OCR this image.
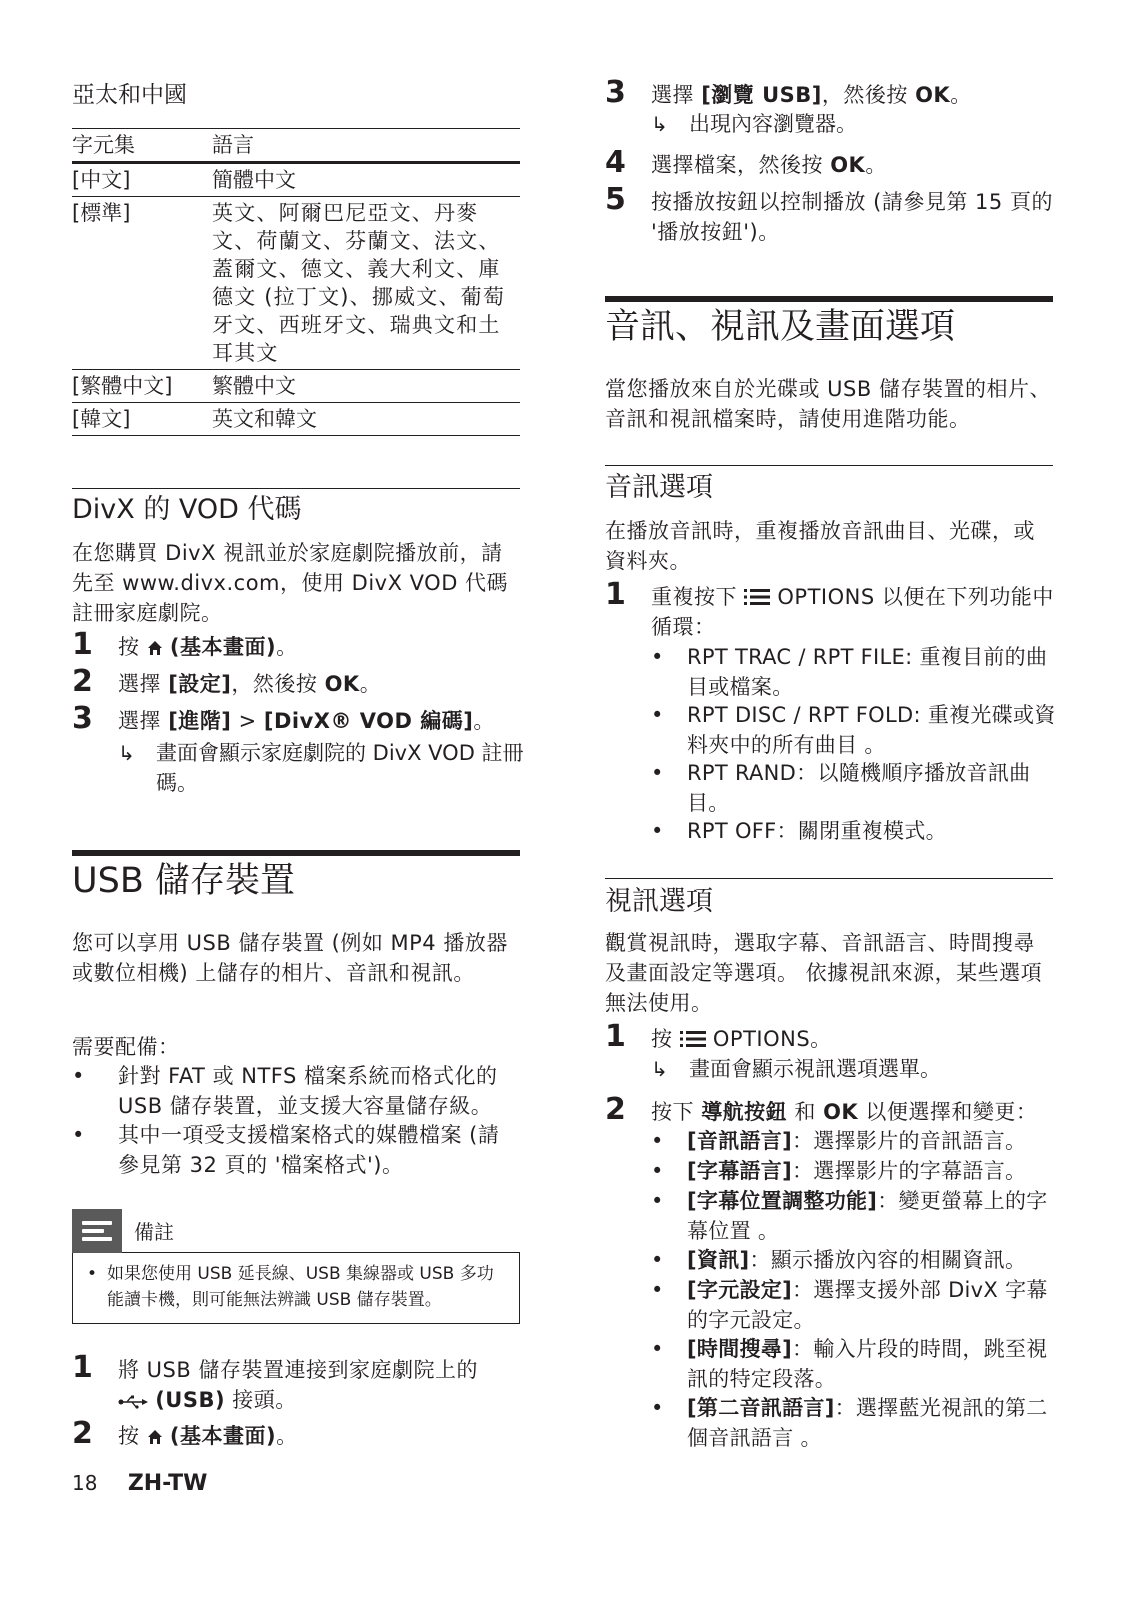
亞太和中國
字元集	語言
[中文]	簡體中文
[標準]	英文、阿爾巴尼亞文、丹麥文、荷蘭文、芬蘭文、法文、蓋爾文、德文、義大利文、庫德文 (拉丁文)、挪威文、葡萄牙文、西班牙文、瑞典文和土耳其文
[繁體中文]	繁體中文
[韓文]	英文和韓文
DivX 的 VOD 代碼
在您購買 DivX 視訊並於家庭劇院播放前，請先至 www.divx.com，使用 DivX VOD 代碼註冊家庭劇院。
1 按 (基本畫面)。
2 選擇 [設定]，然後按 OK。
3 選擇 [進階] > [DivX® VOD 編碼]。
↳ 畫面會顯示家庭劇院的 DivX VOD 註冊碼。
USB 儲存裝置
您可以享用 USB 儲存裝置 (例如 MP4 播放器或數位相機) 上儲存的相片、音訊和視訊。
需要配備：
• 針對 FAT 或 NTFS 檔案系統而格式化的 USB 儲存裝置，並支援大容量儲存級。
• 其中一項受支援檔案格式的媒體檔案 (請參見第 32 頁的 '檔案格式')。
備註
• 如果您使用 USB 延長線、USB 集線器或 USB 多功能讀卡機，則可能無法辨識 USB 儲存裝置。
1 將 USB 儲存裝置連接到家庭劇院上的
(USB) 接頭。
2 按 (基本畫面)。
3 選擇 [瀏覽 USB]，然後按 OK。
↳ 出現內容瀏覽器。
4 選擇檔案，然後按 OK。
5 按播放按鈕以控制播放 (請參見第 15 頁的 '播放按鈕')。
音訊、視訊及畫面選項
當您播放來自於光碟或 USB 儲存裝置的相片、音訊和視訊檔案時，請使用進階功能。
音訊選項
在播放音訊時，重複播放音訊曲目、光碟，或資料夾。
1 重複按下 OPTIONS 以便在下列功能中循環：
• RPT TRAC / RPT FILE: 重複目前的曲目或檔案。
• RPT DISC / RPT FOLD: 重複光碟或資料夾中的所有曲目 。
• RPT RAND：以隨機順序播放音訊曲目。
• RPT OFF：關閉重複模式。
視訊選項
觀賞視訊時，選取字幕、音訊語言、時間搜尋及畫面設定等選項。 依據視訊來源，某些選項無法使用。
1 按 OPTIONS。
↳ 畫面會顯示視訊選項選單。
2 按下 導航按鈕 和 OK 以便選擇和變更：
• [音訊語言]：選擇影片的音訊語言。
• [字幕語言]：選擇影片的字幕語言。
• [字幕位置調整功能]：變更螢幕上的字幕位置 。
• [資訊]：顯示播放內容的相關資訊。
• [字元設定]：選擇支援外部 DivX 字幕的字元設定。
• [時間搜尋]：輸入片段的時間，跳至視訊的特定段落。
• [第二音訊語言]：選擇藍光視訊的第二個音訊語言 。
18 ZH-TW
